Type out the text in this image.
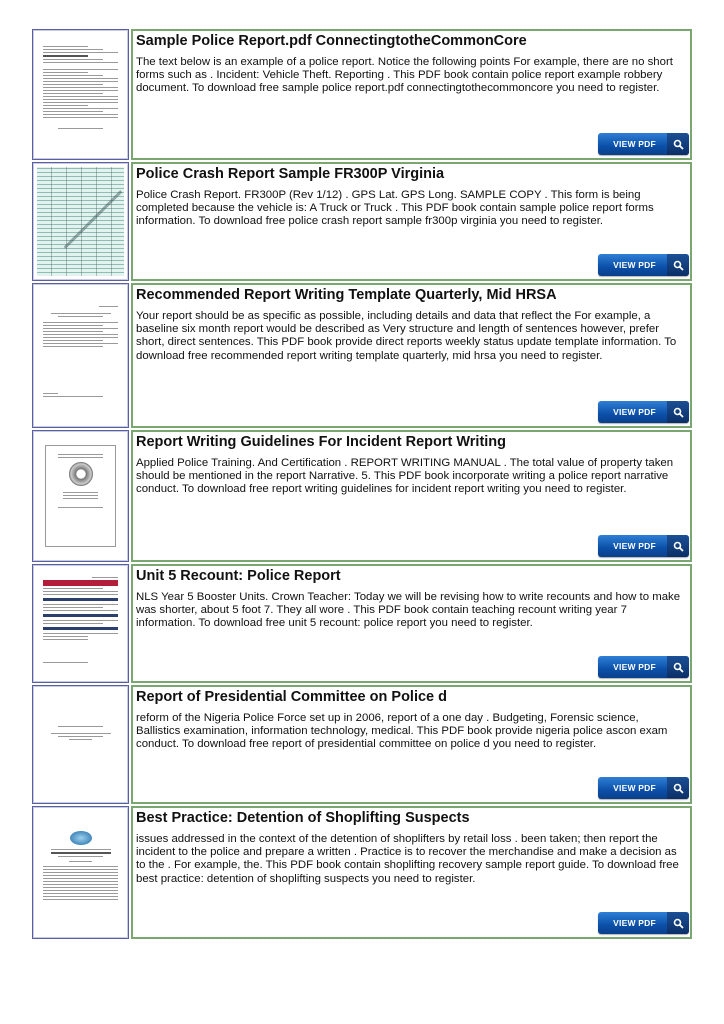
Sample Police Report.pdf ConnectingtotheCommonCore
The text below is an example of a police report. Notice the following points For example, there are no short forms such as . Incident: Vehicle Theft. Reporting . This PDF book contain police report example robbery document. To download free sample police report.pdf connectingtothecommoncore you need to register.
VIEW PDF
Police Crash Report Sample FR300P Virginia
Police Crash Report. FR300P (Rev 1/12) . GPS Lat. GPS Long. SAMPLE COPY . This form is being completed because the vehicle is: A Truck or Truck . This PDF book contain sample police report forms information. To download free police crash report sample fr300p virginia you need to register.
VIEW PDF
Recommended Report Writing Template Quarterly, Mid HRSA
Your report should be as specific as possible, including details and data that reflect the For example, a baseline six month report would be described as Very structure and length of sentences however, prefer short, direct sentences. This PDF book provide direct reports weekly status update template information. To download free recommended report writing template quarterly, mid hrsa you need to register.
VIEW PDF
Report Writing Guidelines For Incident Report Writing
Applied Police Training. And Certification . REPORT WRITING MANUAL . The total value of property taken should be mentioned in the report Narrative. 5. This PDF book incorporate writing a police report narrative conduct. To download free report writing guidelines for incident report writing you need to register.
VIEW PDF
Unit 5 Recount: Police Report
NLS Year 5 Booster Units. Crown Teacher: Today we will be revising how to write recounts and how to make was shorter, about 5 foot 7. They all wore . This PDF book contain teaching recount writing year 7 information. To download free unit 5 recount: police report you need to register.
VIEW PDF
Report of Presidential Committee on Police d
reform of the Nigeria Police Force set up in 2006, report of a one day . Budgeting, Forensic science, Ballistics examination, information technology, medical. This PDF book provide nigeria police ascon exam conduct. To download free report of presidential committee on police d you need to register.
VIEW PDF
Best Practice: Detention of Shoplifting Suspects
issues addressed in the context of the detention of shoplifters by retail loss . been taken; then report the incident to the police and prepare a written . Practice is to recover the merchandise and make a decision as to the . For example, the. This PDF book contain shoplifting recovery sample report guide. To download free best practice: detention of shoplifting suspects you need to register.
VIEW PDF
